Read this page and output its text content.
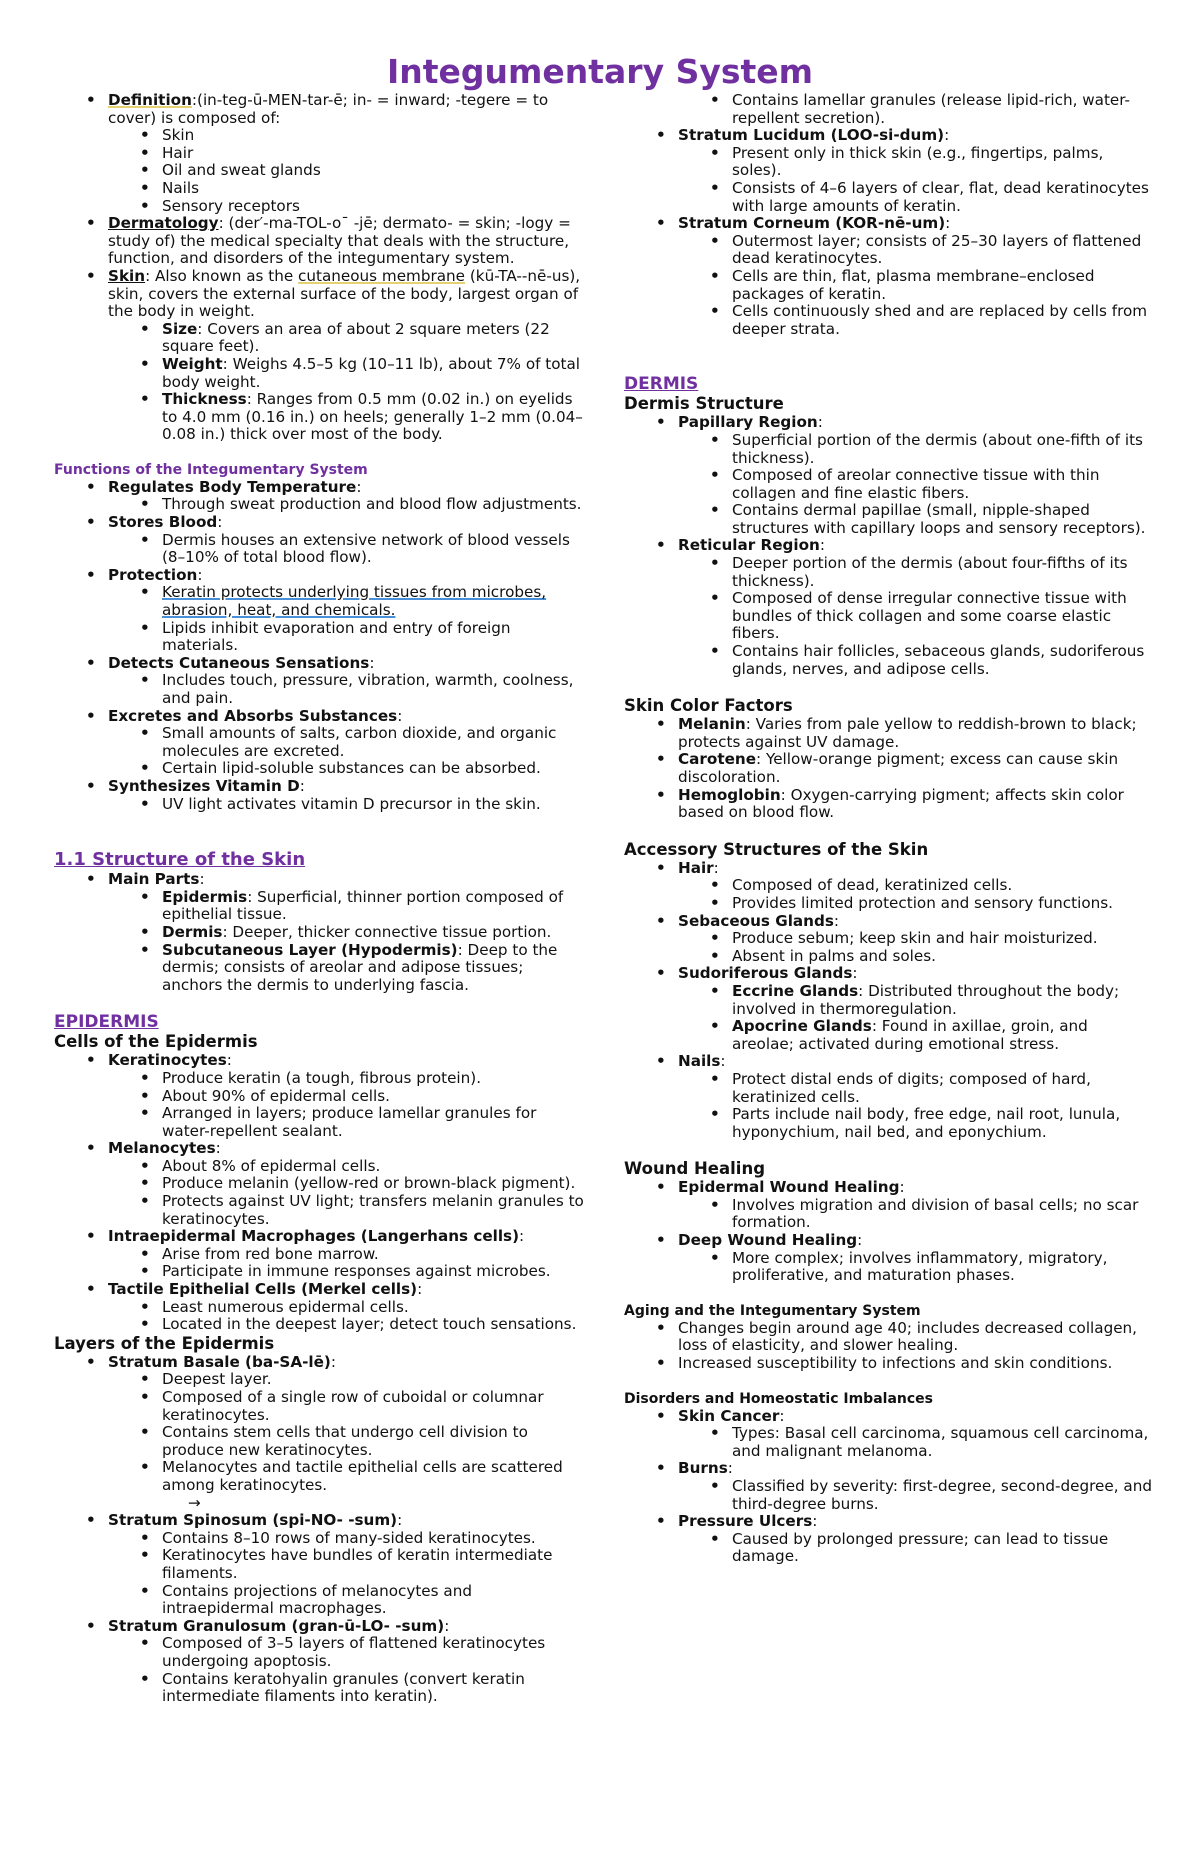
Integumentary System
• Definition:(in-teg-ū-MEN-tar-ē; in- = inward; -tegere = to cover) is composed of:
• Skin
• Hair
• Oil and sweat glands
• Nails
• Sensory receptors
• Dermatology: (der′-ma-TOL-o¯ -jē; dermato- = skin; -logy = study of) the medical specialty that deals with the structure, function, and disorders of the integumentary system.
• Skin: Also known as the cutaneous membrane (kū-TA--nē-us), skin, covers the external surface of the body, largest organ of the body in weight.
• Size: Covers an area of about 2 square meters (22 square feet).
• Weight: Weighs 4.5–5 kg (10–11 lb), about 7% of total body weight.
• Thickness: Ranges from 0.5 mm (0.02 in.) on eyelids to 4.0 mm (0.16 in.) on heels; generally 1–2 mm (0.04–0.08 in.) thick over most of the body.
Functions of the Integumentary System
• Regulates Body Temperature:
• Through sweat production and blood flow adjustments.
• Stores Blood:
• Dermis houses an extensive network of blood vessels (8–10% of total blood flow).
• Protection:
• Keratin protects underlying tissues from microbes, abrasion, heat, and chemicals.
• Lipids inhibit evaporation and entry of foreign materials.
• Detects Cutaneous Sensations:
• Includes touch, pressure, vibration, warmth, coolness, and pain.
• Excretes and Absorbs Substances:
• Small amounts of salts, carbon dioxide, and organic molecules are excreted.
• Certain lipid-soluble substances can be absorbed.
• Synthesizes Vitamin D:
• UV light activates vitamin D precursor in the skin.
1.1 Structure of the Skin
• Main Parts:
• Epidermis: Superficial, thinner portion composed of epithelial tissue.
• Dermis: Deeper, thicker connective tissue portion.
• Subcutaneous Layer (Hypodermis): Deep to the dermis; consists of areolar and adipose tissues; anchors the dermis to underlying fascia.
EPIDERMIS
Cells of the Epidermis
• Keratinocytes:
• Produce keratin (a tough, fibrous protein).
• About 90% of epidermal cells.
• Arranged in layers; produce lamellar granules for water-repellent sealant.
• Melanocytes:
• About 8% of epidermal cells.
• Produce melanin (yellow-red or brown-black pigment).
• Protects against UV light; transfers melanin granules to keratinocytes.
• Intraepidermal Macrophages (Langerhans cells):
• Arise from red bone marrow.
• Participate in immune responses against microbes.
• Tactile Epithelial Cells (Merkel cells):
• Least numerous epidermal cells.
• Located in the deepest layer; detect touch sensations.
Layers of the Epidermis
• Stratum Basale (ba-SA-lē):
• Deepest layer.
• Composed of a single row of cuboidal or columnar keratinocytes.
• Contains stem cells that undergo cell division to produce new keratinocytes.
• Melanocytes and tactile epithelial cells are scattered among keratinocytes.
→
• Stratum Spinosum (spi-NO- -sum):
• Contains 8–10 rows of many-sided keratinocytes.
• Keratinocytes have bundles of keratin intermediate filaments.
• Contains projections of melanocytes and intraepidermal macrophages.
• Stratum Granulosum (gran-ū-LO- -sum):
• Composed of 3–5 layers of flattened keratinocytes undergoing apoptosis.
• Contains keratohyalin granules (convert keratin intermediate filaments into keratin).
• Contains lamellar granules (release lipid-rich, water-repellent secretion).
• Stratum Lucidum (LOO-si-dum):
• Present only in thick skin (e.g., fingertips, palms, soles).
• Consists of 4–6 layers of clear, flat, dead keratinocytes with large amounts of keratin.
• Stratum Corneum (KOR-nē-um):
• Outermost layer; consists of 25–30 layers of flattened dead keratinocytes.
• Cells are thin, flat, plasma membrane–enclosed packages of keratin.
• Cells continuously shed and are replaced by cells from deeper strata.
DERMIS
Dermis Structure
• Papillary Region:
• Superficial portion of the dermis (about one-fifth of its thickness).
• Composed of areolar connective tissue with thin collagen and fine elastic fibers.
• Contains dermal papillae (small, nipple-shaped structures with capillary loops and sensory receptors).
• Reticular Region:
• Deeper portion of the dermis (about four-fifths of its thickness).
• Composed of dense irregular connective tissue with bundles of thick collagen and some coarse elastic fibers.
• Contains hair follicles, sebaceous glands, sudoriferous glands, nerves, and adipose cells.
Skin Color Factors
• Melanin: Varies from pale yellow to reddish-brown to black; protects against UV damage.
• Carotene: Yellow-orange pigment; excess can cause skin discoloration.
• Hemoglobin: Oxygen-carrying pigment; affects skin color based on blood flow.
Accessory Structures of the Skin
• Hair:
• Composed of dead, keratinized cells.
• Provides limited protection and sensory functions.
• Sebaceous Glands:
• Produce sebum; keep skin and hair moisturized.
• Absent in palms and soles.
• Sudoriferous Glands:
• Eccrine Glands: Distributed throughout the body; involved in thermoregulation.
• Apocrine Glands: Found in axillae, groin, and areolae; activated during emotional stress.
• Nails:
• Protect distal ends of digits; composed of hard, keratinized cells.
• Parts include nail body, free edge, nail root, lunula, hyponychium, nail bed, and eponychium.
Wound Healing
• Epidermal Wound Healing:
• Involves migration and division of basal cells; no scar formation.
• Deep Wound Healing:
• More complex; involves inflammatory, migratory, proliferative, and maturation phases.
Aging and the Integumentary System
• Changes begin around age 40; includes decreased collagen, loss of elasticity, and slower healing.
• Increased susceptibility to infections and skin conditions.
Disorders and Homeostatic Imbalances
• Skin Cancer:
• Types: Basal cell carcinoma, squamous cell carcinoma, and malignant melanoma.
• Burns:
• Classified by severity: first-degree, second-degree, and third-degree burns.
• Pressure Ulcers:
• Caused by prolonged pressure; can lead to tissue damage.
